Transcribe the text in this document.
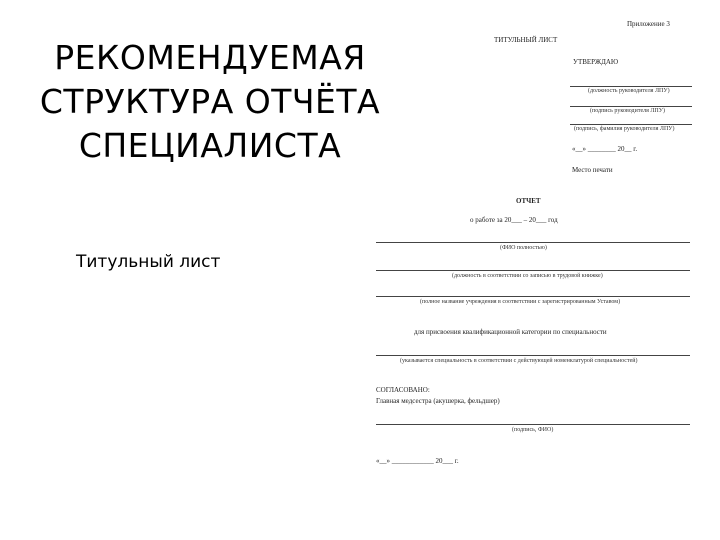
РЕКОМЕНДУЕМАЯ
СТРУКТУРА ОТЧЁТА
СПЕЦИАЛИСТА
Титульный лист
Приложение 3
ТИТУЛЬНЫЙ ЛИСТ
УТВЕРЖДАЮ
(должность руководителя ЛПУ)
(подпись руководителя ЛПУ)
(подпись, фамилия руководителя ЛПУ)
«__» ________ 20__ г.
Место печати
ОТЧЕТ
о работе за 20___ – 20___ год
(ФИО полностью)
(должность в соответствии со записью в трудовой книжке)
(полное название учреждения в соответствии с зарегистрированным Уставом)
для присвоения квалификационной категории по специальности
(указывается специальность в соответствии с действующей номенклатурой специальностей)
СОГЛАСОВАНО:
Главная медсестра (акушерка, фельдшер)
(подпись, ФИО)
«__» ____________ 20___ г.
